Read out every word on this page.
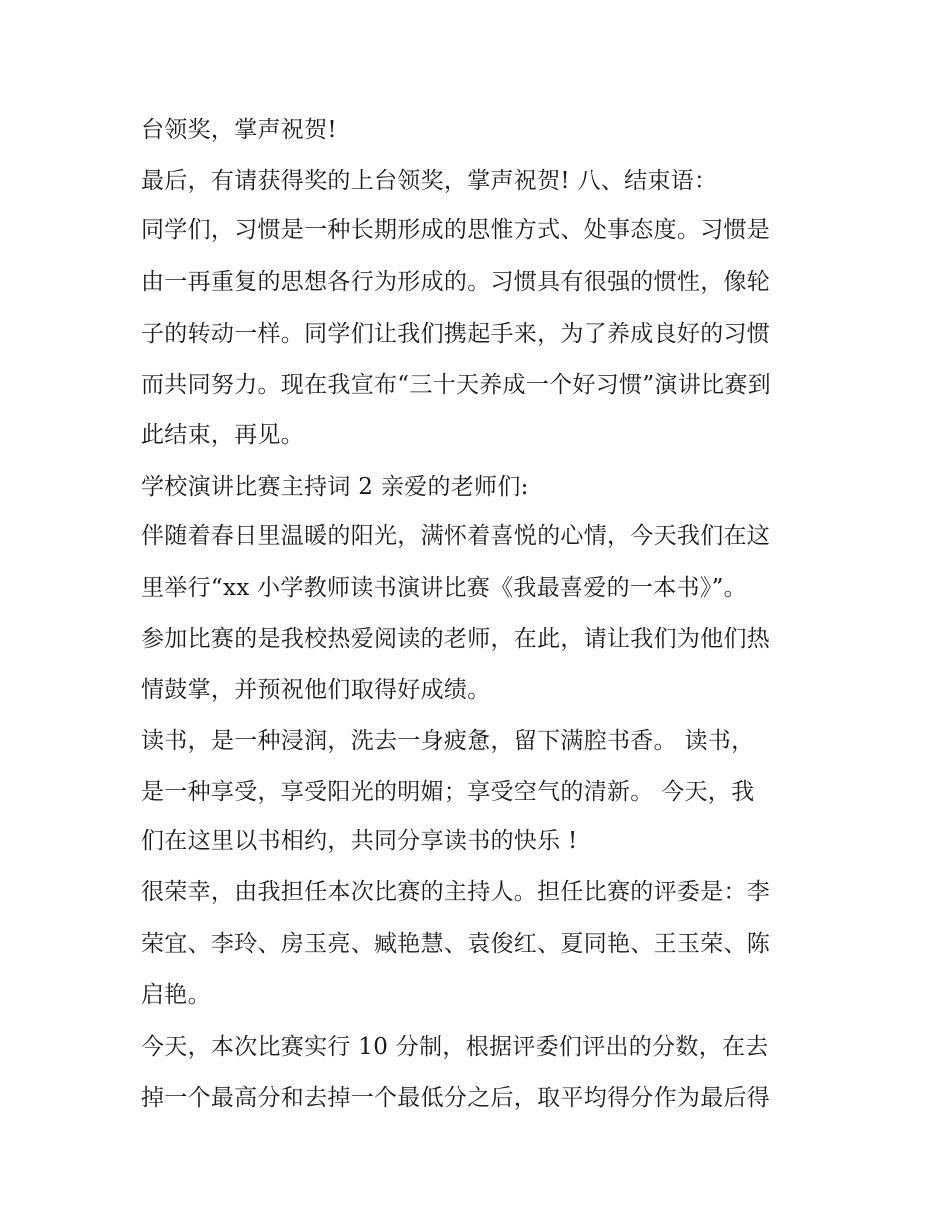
台领奖，掌声祝贺!
最后，有请获得奖的上台领奖，掌声祝贺! 八、结束语：
同学们，习惯是一种长期形成的思惟方式、处事态度。习惯是
由一再重复的思想各行为形成的。习惯具有很强的惯性，像轮
子的转动一样。同学们让我们携起手来，为了养成良好的习惯
而共同努力。现在我宣布“三十天养成一个好习惯”演讲比赛到
此结束，再见。
学校演讲比赛主持词 2 亲爱的老师们:
伴随着春日里温暖的阳光，满怀着喜悦的心情，今天我们在这
里举行“xx 小学教师读书演讲比赛《我最喜爱的一本书》”。
参加比赛的是我校热爱阅读的老师，在此，请让我们为他们热
情鼓掌，并预祝他们取得好成绩。
读书，是一种浸润，洗去一身疲惫，留下满腔书香。 读书，
是一种享受，享受阳光的明媚；享受空气的清新。 今天，我
们在这里以书相约，共同分享读书的快乐 !
很荣幸，由我担任本次比赛的主持人。担任比赛的评委是：李
荣宜、李玲、房玉亮、臧艳慧、袁俊红、夏同艳、王玉荣、陈
启艳。
今天，本次比赛实行 10 分制，根据评委们评出的分数，在去
掉一个最高分和去掉一个最低分之后，取平均得分作为最后得
